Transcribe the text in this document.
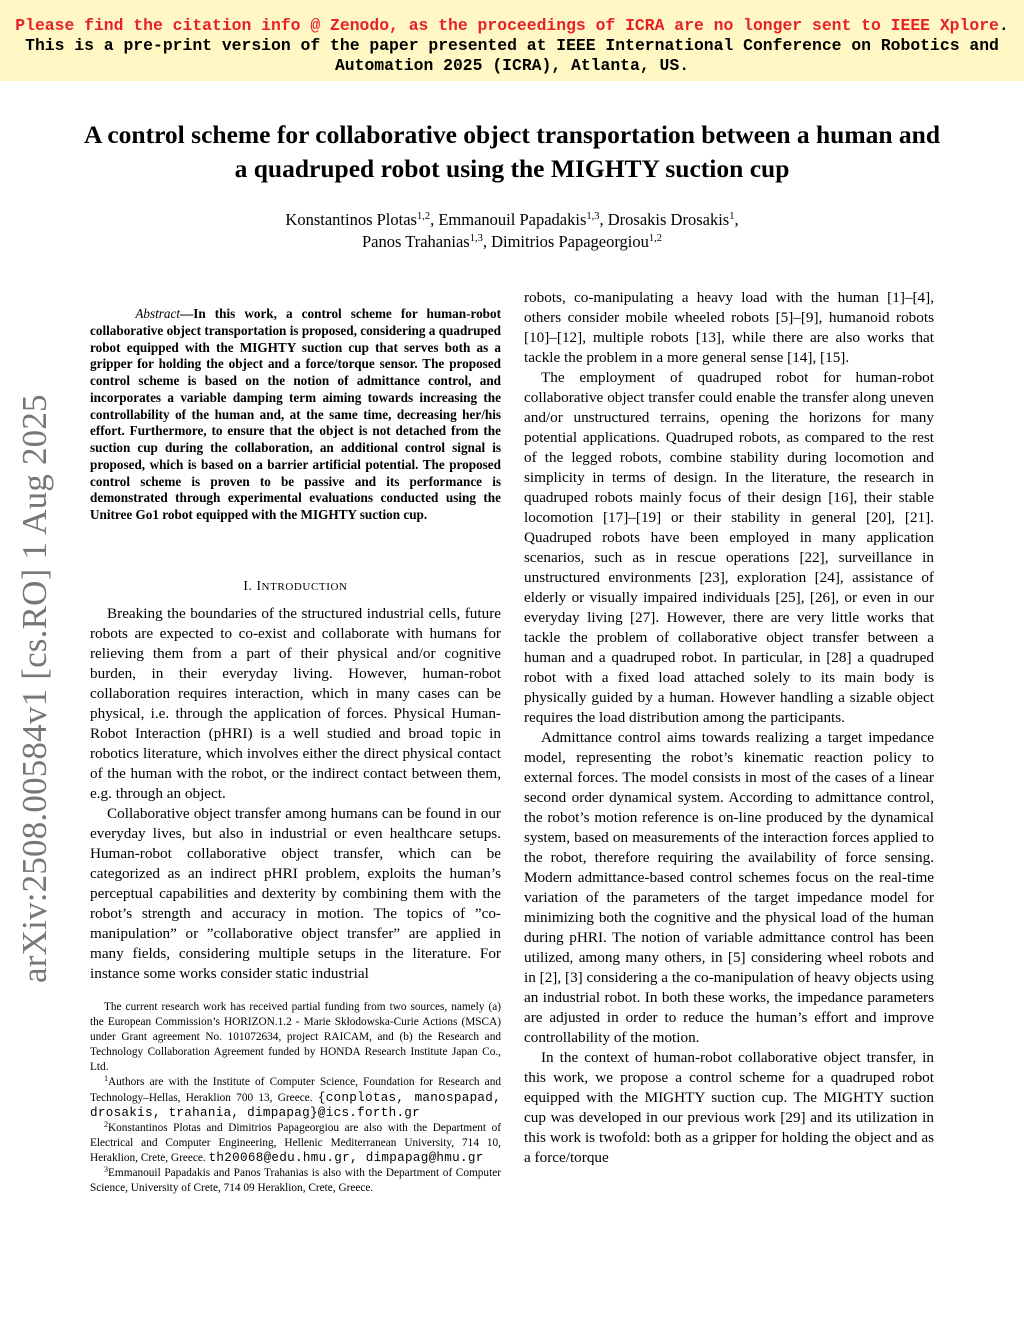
Please find the citation info @ Zenodo, as the proceedings of ICRA are no longer sent to IEEE Xplore. This is a pre-print version of the paper presented at IEEE International Conference on Robotics and Automation 2025 (ICRA), Atlanta, US.
arXiv:2508.00584v1 [cs.RO] 1 Aug 2025
A control scheme for collaborative object transportation between a human and a quadruped robot using the MIGHTY suction cup
Konstantinos Plotas$^{1,2}$, Emmanouil Papadakis$^{1,3}$, Drosakis Drosakis$^1$,
Panos Trahanias$^{1,3}$, Dimitrios Papageorgiou$^{1,2}$
Abstract—In this work, a control scheme for human-robot collaborative object transportation is proposed, considering a quadruped robot equipped with the MIGHTY suction cup that serves both as a gripper for holding the object and a force/torque sensor. The proposed control scheme is based on the notion of admittance control, and incorporates a variable damping term aiming towards increasing the controllability of the human and, at the same time, decreasing her/his effort. Furthermore, to ensure that the object is not detached from the suction cup during the collaboration, an additional control signal is proposed, which is based on a barrier artificial potential. The proposed control scheme is proven to be passive and its performance is demonstrated through experimental evaluations conducted using the Unitree Go1 robot equipped with the MIGHTY suction cup.
I. INTRODUCTION

Breaking the boundaries of the structured industrial cells, future robots are expected to co-exist and collaborate with humans for relieving them from a part of their physical and/or cognitive burden, in their everyday living. However, human-robot collaboration requires interaction, which in many cases can be physical, i.e. through the application of forces. Physical Human-Robot Interaction (pHRI) is a well studied and broad topic in robotics literature, which involves either the direct physical contact of the human with the robot, or the indirect contact between them, e.g. through an object.

Collaborative object transfer among humans can be found in our everyday lives, but also in industrial or even healthcare setups. Human-robot collaborative object transfer, which can be categorized as an indirect pHRI problem, exploits the human’s perceptual capabilities and dexterity by combining them with the robot’s strength and accuracy in motion. The topics of ”co-manipulation” or ”collaborative object transfer” are applied in many fields, considering multiple setups in the literature. For instance some works consider static industrial

The current research work has received partial funding from two sources, namely (a) the European Commission’s HORIZON.1.2 - Marie Skłodowska-Curie Actions (MSCA) under Grant agreement No. 101072634, project RAICAM, and (b) the Research and Technology Collaboration Agreement funded by HONDA Research Institute Japan Co., Ltd.

$^1$Authors are with the Institute of Computer Science, Foundation for Research and Technology–Hellas, Heraklion 700 13, Greece. {conplotas, manospapad, drosakis, trahania, dimpapag}@ics.forth.gr

$^2$Konstantinos Plotas and Dimitrios Papageorgiou are also with the Department of Electrical and Computer Engineering, Hellenic Mediterranean University, 714 10, Heraklion, Crete, Greece. th20068@edu.hmu.gr, dimpapag@hmu.gr

$^3$Emmanouil Papadakis and Panos Trahanias is also with the Department of Computer Science, University of Crete, 714 09 Heraklion, Crete, Greece.

robots, co-manipulating a heavy load with the human [1]–[4], others consider mobile wheeled robots [5]–[9], humanoid robots [10]–[12], multiple robots [13], while there are also works that tackle the problem in a more general sense [14], [15].

The employment of quadruped robot for human-robot collaborative object transfer could enable the transfer along uneven and/or unstructured terrains, opening the horizons for many potential applications. Quadruped robots, as compared to the rest of the legged robots, combine stability during locomotion and simplicity in terms of design. In the literature, the research in quadruped robots mainly focus of their design [16], their stable locomotion [17]–[19] or their stability in general [20], [21]. Quadruped robots have been employed in many application scenarios, such as in rescue operations [22], surveillance in unstructured environments [23], exploration [24], assistance of elderly or visually impaired individuals [25], [26], or even in our everyday living [27]. However, there are very little works that tackle the problem of collaborative object transfer between a human and a quadruped robot. In particular, in [28] a quadruped robot with a fixed load attached solely to its main body is physically guided by a human. However handling a sizable object requires the load distribution among the participants.

Admittance control aims towards realizing a target impedance model, representing the robot’s kinematic reaction policy to external forces. The model consists in most of the cases of a linear second order dynamical system. According to admittance control, the robot’s motion reference is on-line produced by the dynamical system, based on measurements of the interaction forces applied to the robot, therefore requiring the availability of force sensing. Modern admittance-based control schemes focus on the real-time variation of the parameters of the target impedance model for minimizing both the cognitive and the physical load of the human during pHRI. The notion of variable admittance control has been utilized, among many others, in [5] considering wheel robots and in [2], [3] considering a the co-manipulation of heavy objects using an industrial robot. In both these works, the impedance parameters are adjusted in order to reduce the human’s effort and improve controllability of the motion.

In the context of human-robot collaborative object transfer, in this work, we propose a control scheme for a quadruped robot equipped with the MIGHTY suction cup. The MIGHTY suction cup was developed in our previous work [29] and its utilization in this work is twofold: both as a gripper for holding the object and as a force/torque
